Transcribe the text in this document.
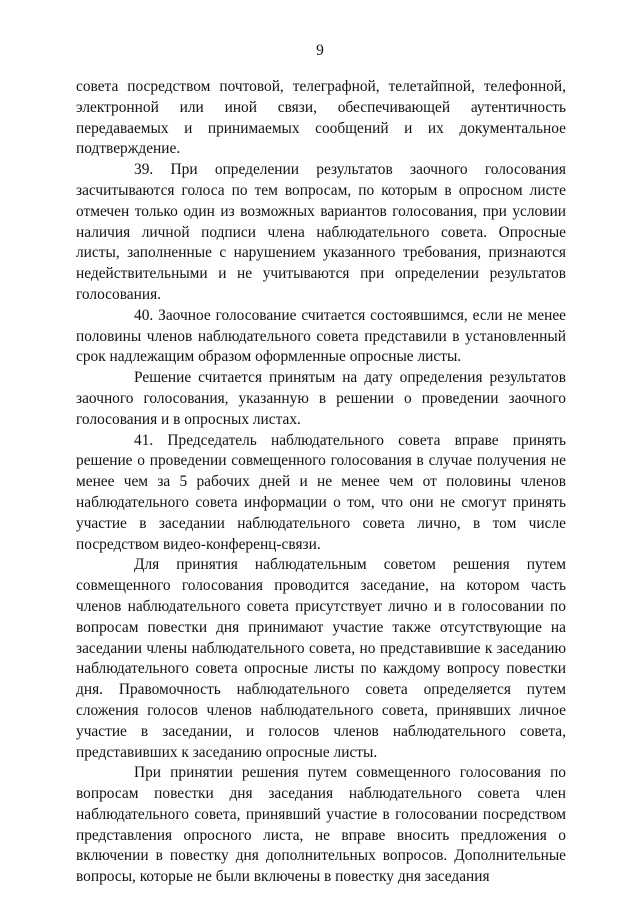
9

совета посредством почтовой, телеграфной, телетайпной, телефонной, электронной или иной связи, обеспечивающей аутентичность передаваемых и принимаемых сообщений и их документальное подтверждение.

39. При определении результатов заочного голосования засчитываются голоса по тем вопросам, по которым в опросном листе отмечен только один из возможных вариантов голосования, при условии наличия личной подписи члена наблюдательного совета. Опросные листы, заполненные с нарушением указанного требования, признаются недействительными и не учитываются при определении результатов голосования.

40. Заочное голосование считается состоявшимся, если не менее половины членов наблюдательного совета представили в установленный срок надлежащим образом оформленные опросные листы.

Решение считается принятым на дату определения результатов заочного голосования, указанную в решении о проведении заочного голосования и в опросных листах.

41. Председатель наблюдательного совета вправе принять решение о проведении совмещенного голосования в случае получения не менее чем за 5 рабочих дней и не менее чем от половины членов наблюдательного совета информации о том, что они не смогут принять участие в заседании наблюдательного совета лично, в том числе посредством видео-конференц-связи.

Для принятия наблюдательным советом решения путем совмещенного голосования проводится заседание, на котором часть членов наблюдательного совета присутствует лично и в голосовании по вопросам повестки дня принимают участие также отсутствующие на заседании члены наблюдательного совета, но представившие к заседанию наблюдательного совета опросные листы по каждому вопросу повестки дня. Правомочность наблюдательного совета определяется путем сложения голосов членов наблюдательного совета, принявших личное участие в заседании, и голосов членов наблюдательного совета, представивших к заседанию опросные листы.

При принятии решения путем совмещенного голосования по вопросам повестки дня заседания наблюдательного совета член наблюдательного совета, принявший участие в голосовании посредством представления опросного листа, не вправе вносить предложения о включении в повестку дня дополнительных вопросов. Дополнительные вопросы, которые не были включены в повестку дня заседания
